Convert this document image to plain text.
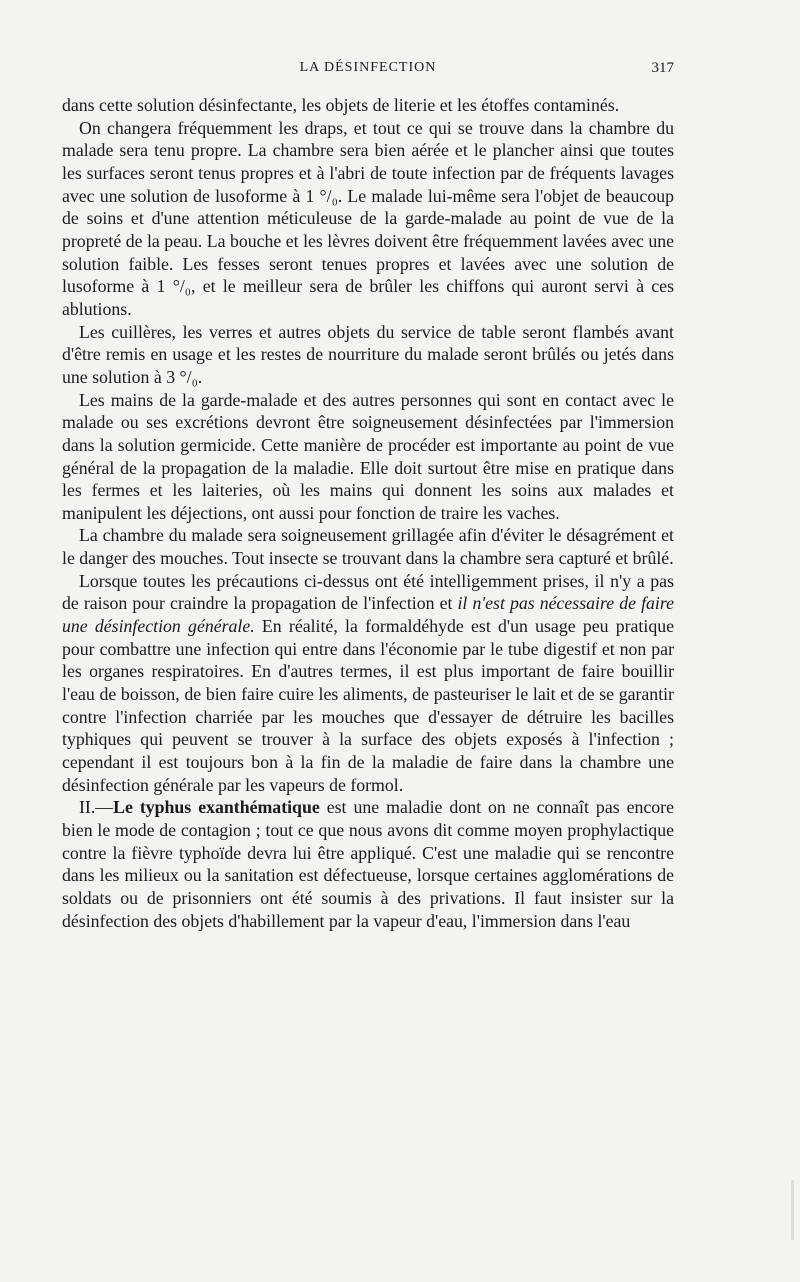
LA DÉSINFECTION	317

dans cette solution désinfectante, les objets de literie et les étoffes contaminés.

On changera fréquemment les draps, et tout ce qui se trouve dans la chambre du malade sera tenu propre. La chambre sera bien aérée et le plancher ainsi que toutes les surfaces seront tenus propres et à l'abri de toute infection par de fréquents lavages avec une solution de lusoforme à 1 °/₀. Le malade lui-même sera l'objet de beaucoup de soins et d'une attention méticuleuse de la garde-malade au point de vue de la propreté de la peau. La bouche et les lèvres doivent être fréquemment lavées avec une solution faible. Les fesses seront tenues propres et lavées avec une solution de lusoforme à 1 °/₀, et le meilleur sera de brûler les chiffons qui auront servi à ces ablutions.

Les cuillères, les verres et autres objets du service de table seront flambés avant d'être remis en usage et les restes de nourriture du malade seront brûlés ou jetés dans une solution à 3 °/₀.

Les mains de la garde-malade et des autres personnes qui sont en contact avec le malade ou ses excrétions devront être soigneusement désinfectées par l'immersion dans la solution germicide. Cette manière de procéder est importante au point de vue général de la propagation de la maladie. Elle doit surtout être mise en pratique dans les fermes et les laiteries, où les mains qui donnent les soins aux malades et manipulent les déjections, ont aussi pour fonction de traire les vaches.

La chambre du malade sera soigneusement grillagée afin d'éviter le désagrément et le danger des mouches. Tout insecte se trouvant dans la chambre sera capturé et brûlé.

Lorsque toutes les précautions ci-dessus ont été intelligemment prises, il n'y a pas de raison pour craindre la propagation de l'infection et il n'est pas nécessaire de faire une désinfection générale. En réalité, la formaldéhyde est d'un usage peu pratique pour combattre une infection qui entre dans l'économie par le tube digestif et non par les organes respiratoires. En d'autres termes, il est plus important de faire bouillir l'eau de boisson, de bien faire cuire les aliments, de pasteuriser le lait et de se garantir contre l'infection charriée par les mouches que d'essayer de détruire les bacilles typhiques qui peuvent se trouver à la surface des objets exposés à l'infection ; cependant il est toujours bon à la fin de la maladie de faire dans la chambre une désinfection générale par les vapeurs de formol.

II.—Le typhus exanthématique est une maladie dont on ne connaît pas encore bien le mode de contagion ; tout ce que nous avons dit comme moyen prophylactique contre la fièvre typhoïde devra lui être appliqué. C'est une maladie qui se rencontre dans les milieux ou la sanitation est défectueuse, lorsque certaines agglomérations de soldats ou de prisonniers ont été soumis à des privations. Il faut insister sur la désinfection des objets d'habillement par la vapeur d'eau, l'immersion dans l'eau
